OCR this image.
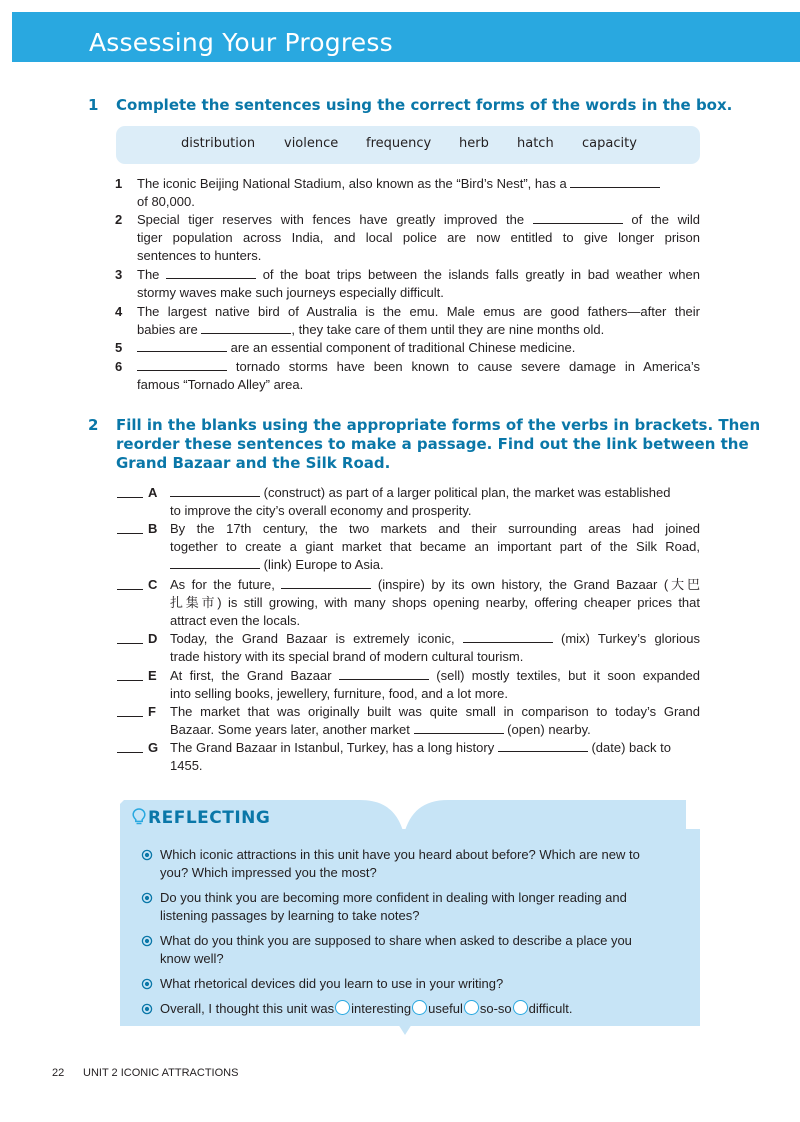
Assessing Your Progress
1 Complete the sentences using the correct forms of the words in the box.
distribution violence frequency herb hatch capacity
1 The iconic Beijing National Stadium, also known as the “Bird’s Nest”, has a
of 80,000.
2 Special tiger reserves with fences have greatly improved the	of the wild
tiger population across India, and local police are now entitled to give longer prison
sentences to hunters.
3 The	of the boat trips between the islands falls greatly in bad weather when
stormy waves make such journeys especially difficult.
4 The largest native bird of Australia is the emu. Male emus are good fathers—after their
babies are	, they take care of them until they are nine months old.
5	are an essential component of traditional Chinese medicine.
6	tornado storms have been known to cause severe damage in America’s
famous “Tornado Alley” area.
2 Fill in the blanks using the appropriate forms of the verbs in brackets. Then
reorder these sentences to make a passage. Find out the link between the
Grand Bazaar and the Silk Road.
A	(construct) as part of a larger political plan, the market was established
to improve the city’s overall economy and prosperity.
B By the 17th century, the two markets and their surrounding areas had joined
together to create a giant market that became an important part of the Silk Road,
(link) Europe to Asia.
C As for the future,	(inspire) by its own history, the Grand Bazaar (大巴
扎集市) is still growing, with many shops opening nearby, offering cheaper prices that
attract even the locals.
D Today, the Grand Bazaar is extremely iconic,	(mix) Turkey’s glorious
trade history with its special brand of modern cultural tourism.
E At first, the Grand Bazaar	(sell) mostly textiles, but it soon expanded
into selling books, jewellery, furniture, food, and a lot more.
F The market that was originally built was quite small in comparison to today’s Grand
Bazaar. Some years later, another market	(open) nearby.
G The Grand Bazaar in Istanbul, Turkey, has a long history	(date) back to
1455.
REFLECTING
Which iconic attractions in this unit have you heard about before? Which are new to
you? Which impressed you the most?
Do you think you are becoming more confident in dealing with longer reading and
listening passages by learning to take notes?
What do you think you are supposed to share when asked to describe a place you
know well?
What rhetorical devices did you learn to use in your writing?
Overall, I thought this unit was interesting useful so-so difficult.
22 UNIT 2 ICONIC ATTRACTIONS
